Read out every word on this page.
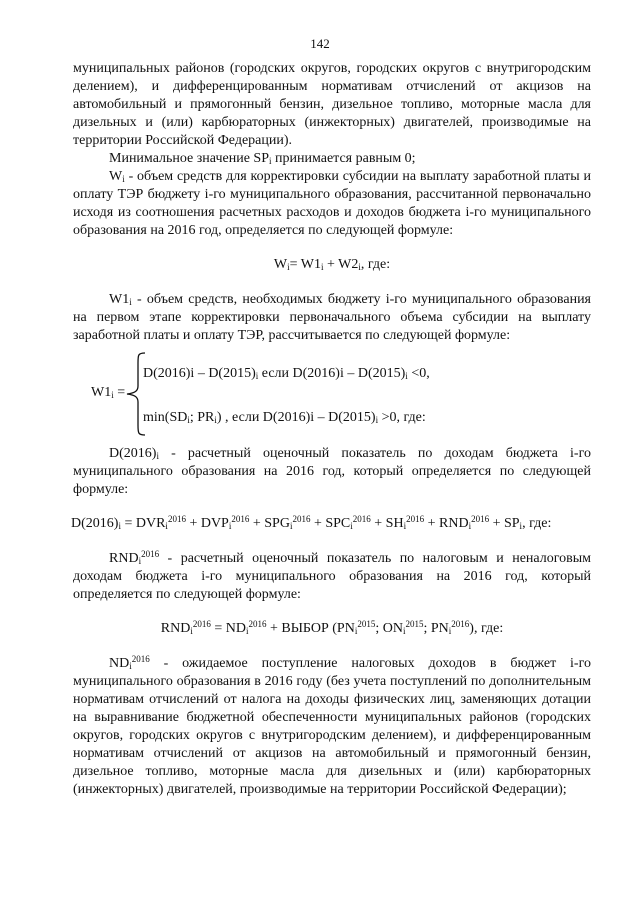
142

муниципальных районов (городских округов, городских округов с внутригородским делением), и дифференцированным нормативам отчислений от акцизов на автомобильный и прямогонный бензин, дизельное топливо, моторные масла для дизельных и (или) карбюраторных (инжекторных) двигателей, производимые на территории Российской Федерации).

Минимальное значение $SP_i$ принимается равным 0;

$W_i$ - объем средств для корректировки субсидии на выплату заработной платы и оплату ТЭР бюджету i-го муниципального образования, рассчитанной первоначально исходя из соотношения расчетных расходов и доходов бюджета i-го муниципального образования на 2016 год, определяется по следующей формуле:

$W_i= W1_i + W2_i$, где:

$W1_i$ - объем средств, необходимых бюджету i-го муниципального образования на первом этапе корректировки первоначального объема субсидии на выплату заработной платы и оплату ТЭР, рассчитывается по следующей формуле:

$W1_i$ =
$D(2016)i - D(2015)_i$ если $D(2016)i - D(2015)_i <0$,
$\min(SD_i$; $PR_i$) , если $D(2016)i - D(2015)_i >0$, где:

$D(2016)_i$ - расчетный оценочный показатель по доходам бюджета i-го муниципального образования на 2016 год, который определяется по следующей формуле:

$D(2016)_i = DVR_i^{2016} + DVP_i^{2016} + SPG_i^{2016} + SPC_i^{2016} + SH_i^{2016} + RND_i^{2016} + SP_i$, где:

$RND_i^{2016}$ - расчетный оценочный показатель по налоговым и неналоговым доходам бюджета i-го муниципального образования на 2016 год, который определяется по следующей формуле:

$RND_i^{2016} = ND_i^{2016}$ + ВЫБОР ($PN_i^{2015}$; $ON_i^{2015}$; $PN_i^{2016}$), где:

$ND_i^{2016}$ - ожидаемое поступление налоговых доходов в бюджет i-го муниципального образования в 2016 году (без учета поступлений по дополнительным нормативам отчислений от налога на доходы физических лиц, заменяющих дотации на выравнивание бюджетной обеспеченности муниципальных районов (городских округов, городских округов с внутригородским делением), и дифференцированным нормативам отчислений от акцизов на автомобильный и прямогонный бензин, дизельное топливо, моторные масла для дизельных и (или) карбюраторных (инжекторных) двигателей, производимые на территории Российской Федерации);
